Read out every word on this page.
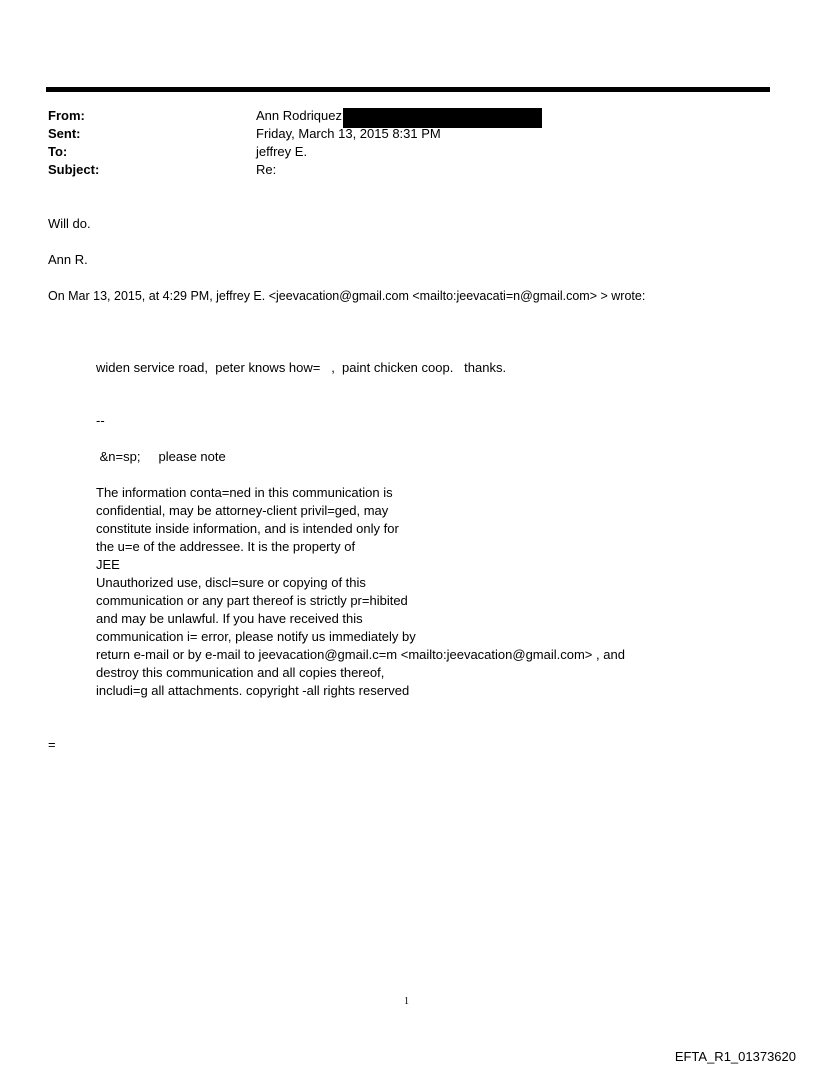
From:	Ann Rodriquez
Sent:	Friday, March 13, 2015 8:31 PM
To:	jeffrey E.
Subject:	Re:
Will do.
Ann R.
On Mar 13, 2015, at 4:29 PM, jeffrey E. <jeevacation@gmail.com <mailto:jeevacati=n@gmail.com> > wrote:
widen service road,  peter knows how=   ,  paint chicken coop.   thanks.
--
&n=sp;     please note
The information conta=ned in this communication is
confidential, may be attorney-client privil=ged, may
constitute inside information, and is intended only for
the u=e of the addressee. It is the property of
JEE
Unauthorized use, discl=sure or copying of this
communication or any part thereof is strictly pr=hibited
and may be unlawful. If you have received this
communication i= error, please notify us immediately by
return e-mail or by e-mail to jeevacation@gmail.c=m <mailto:jeevacation@gmail.com> , and
destroy this communication and all copies thereof,
includi=g all attachments. copyright -all rights reserved
=
1
EFTA_R1_01373620
